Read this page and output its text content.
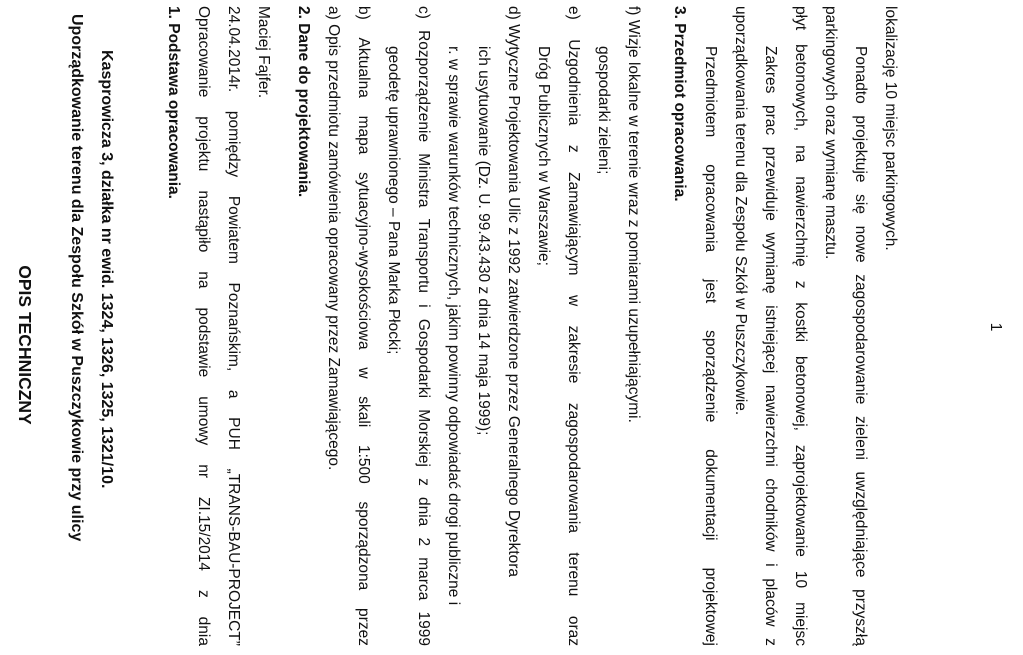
OPIS TECHNICZNY Uporządkowanie terenu dla Zespołu Szkół w Puszczykowie przy ulicy Kasprowicza 3, działka nr ewid. 1324, 1326, 1325, 1321/10.	1. Podstawa opracowania. Opracowanie
projektu
nastąpiło
na
podstawie
umowy
nr
ZI.15/2014
z
dnia
24.04.2014r.
pomiędzy
Powiatem
Poznańskim,
a
PUH
„TRANS-BAU-PROJECT”
Maciej Fajfer. 2. Dane do projektowania. a) Opis przedmiotu zamówienia opracowany przez Zamawiającego. b)
Aktualna
mapa
sytuacyjno-wysokościowa
w
skali
1:500
sporządzona
przez
geodetę uprawnionego – Pana Marka Płocki;
c)
Rozporządzenie
Ministra
Transportu
i
Gospodarki
Morskiej
z
dnia
2
marca
1999
r. w sprawie warunków technicznych, jakim powinny odpowiadać drogi publiczne i ich usytuowanie (Dz. U. 99.43.430 z dnia 14 maja 1999); d) Wytyczne Projektowania Ulic z 1992 zatwierdzone przez Generalnego Dyrektora Dróg Publicznych w Warszawie;
e)
Uzgodnienia
z
Zamawiającym
w
zakresie
zagospodarowania
terenu
oraz
gospodarki zieleni; f) Wizje lokalne w terenie wraz z pomiarami uzupełniającymi. 3. Przedmiot opracowania. Przedmiotem
opracowania
jest
sporządzenie
dokumentacji
projektowej
uporządkowania terenu dla Zespołu Szkół w Puszczykowie. Zakres
prac
przewiduje
wymianę
istniejącej
nawierzchni
chodników
i
placów
z
płyt
betonowych,
na
nawierzchnię
z
kostki
betonowej,
zaprojektowanie
10
miejsc
parkingowych oraz wymianę masztu. Ponadto
projektuje
się
nowe
zagospodarowanie
zieleni
uwzględniające
przyszłą
lokalizację 10 miejsc parkingowych.
1
